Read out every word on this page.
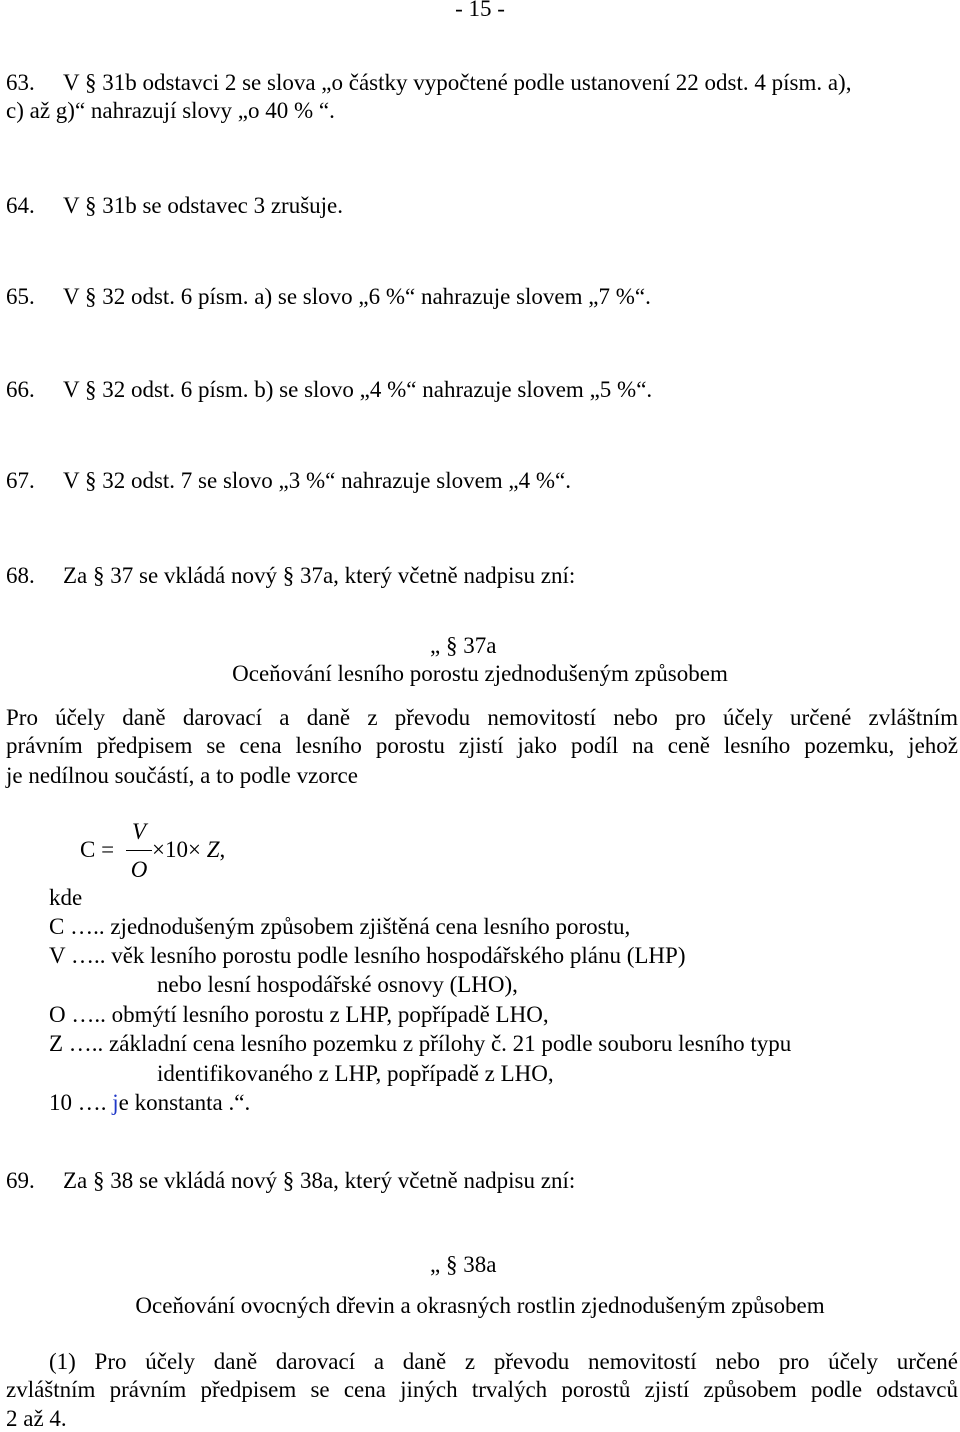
- 15 -
63. V § 31b odstavci 2 se slova „o částky vypočtené podle ustanovení 22 odst. 4 písm. a),
c) až g)“ nahrazují slovy „o 40 % “.
64. V § 31b se odstavec 3 zrušuje.
65. V § 32 odst. 6 písm. a) se slovo „6 %“ nahrazuje slovem „7 %“.
66. V § 32 odst. 6 písm. b) se slovo „4 %“ nahrazuje slovem „5 %“.
67. V § 32 odst. 7 se slovo „3 %“ nahrazuje slovem „4 %“.
68. Za § 37 se vkládá nový § 37a, který včetně nadpisu zní:
„ § 37a
Oceňování lesního porostu zjednodušeným způsobem
Pro účely daně darovací a daně z převodu nemovitostí nebo pro účely určené zvláštním
právním předpisem se cena lesního porostu zjistí jako podíl na ceně lesního pozemku, jehož
je nedílnou součástí, a to podle vzorce
C =
V
O
×10× Z,
kde
C ….. zjednodušeným způsobem zjištěná cena lesního porostu,
V ….. věk lesního porostu podle lesního hospodářského plánu (LHP)
nebo lesní hospodářské osnovy (LHO),
O ….. obmýtí lesního porostu z LHP, popřípadě LHO,
Z ….. základní cena lesního pozemku z přílohy č. 21 podle souboru lesního typu
identifikovaného z LHP, popřípadě z LHO,
10 …. je konstanta .“.
69. Za § 38 se vkládá nový § 38a, který včetně nadpisu zní:
„ § 38a
Oceňování ovocných dřevin a okrasných rostlin zjednodušeným způsobem
(1) Pro účely daně darovací a daně z převodu nemovitostí nebo pro účely určené
zvláštním právním předpisem se cena jiných trvalých porostů zjistí způsobem podle odstavců
2 až 4.
